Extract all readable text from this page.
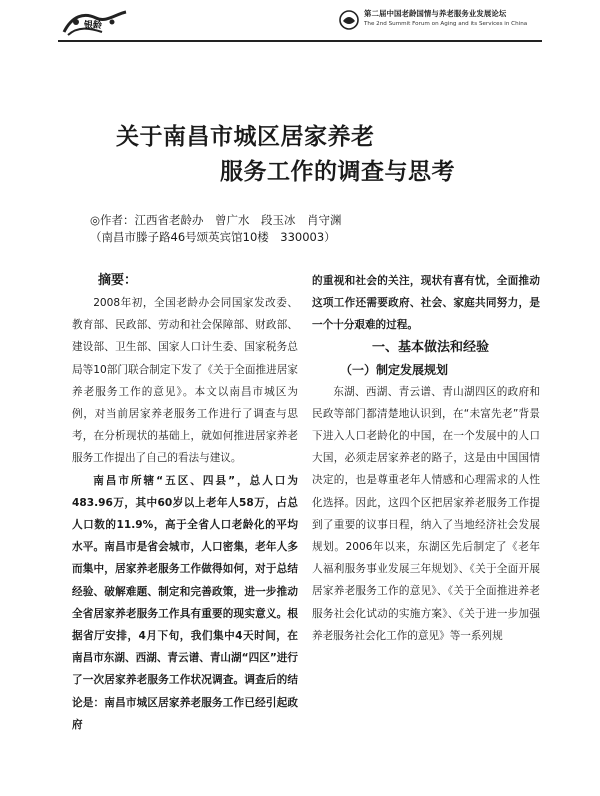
银龄
第二届中国老龄国情与养老服务业发展论坛
The 2nd Summit Forum on Aging and its Services in China
关于南昌市城区居家养老
服务工作的调查与思考
◎作者：江西省老龄办　曾广水　段玉冰　肖守渊
（南昌市滕子路46号颂英宾馆10楼　330003）

摘要：

2008年初，全国老龄办会同国家发改委、教育部、民政部、劳动和社会保障部、财政部、建设部、卫生部、国家人口计生委、国家税务总局等10部门联合制定下发了《关于全面推进居家养老服务工作的意见》。本文以南昌市城区为例，对当前居家养老服务工作进行了调查与思考，在分析现状的基础上，就如何推进居家养老服务工作提出了自己的看法与建议。

南昌市所辖“五区、四县”，总人口为483.96万，其中60岁以上老年人58万，占总人口数的11.9%，高于全省人口老龄化的平均水平。南昌市是省会城市，人口密集，老年人多而集中，居家养老服务工作做得如何，对于总结经验、破解难题、制定和完善政策，进一步推动全省居家养老服务工作具有重要的现实意义。根据省厅安排，4月下旬，我们集中4天时间，在南昌市东湖、西湖、青云谱、青山湖“四区”进行了一次居家养老服务工作状况调查。调查后的结论是：南昌市城区居家养老服务工作已经引起政府

的重视和社会的关注，现状有喜有忧，全面推动这项工作还需要政府、社会、家庭共同努力，是一个十分艰难的过程。

一、基本做法和经验

（一）制定发展规划

东湖、西湖、青云谱、青山湖四区的政府和民政等部门都清楚地认识到，在“未富先老”背景下进入人口老龄化的中国，在一个发展中的人口大国，必须走居家养老的路子，这是由中国国情决定的，也是尊重老年人情感和心理需求的人性化选择。因此，这四个区把居家养老服务工作提到了重要的议事日程，纳入了当地经济社会发展规划。2006年以来，东湖区先后制定了《老年人福利服务事业发展三年规划》、《关于全面开展居家养老服务工作的意见》、《关于全面推进养老服务社会化试动的实施方案》、《关于进一步加强养老服务社会化工作的意见》等一系列规
